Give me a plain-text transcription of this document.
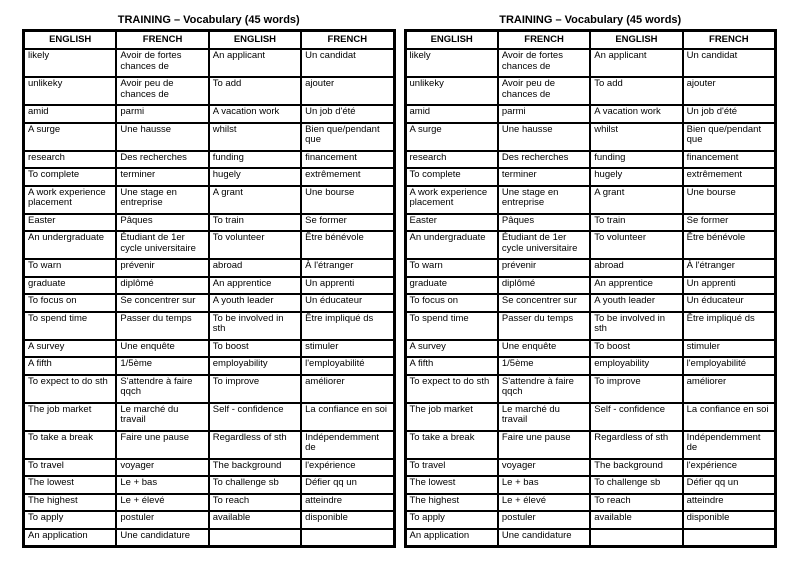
TRAINING – Vocabulary (45 words)
ENGLISH	FRENCH	ENGLISH	FRENCH
likely	Avoir de fortes chances de	An applicant	Un candidat
unlikeky	Avoir peu de chances de	To add	ajouter
amid	parmi	A vacation work	Un job d'été
A surge	Une hausse	whilst	Bien que/pendant que
research	Des recherches	funding	financement
To complete	terminer	hugely	extrêmement
A work experience placement	Une stage en entreprise	A grant	Une bourse
Easter	Pâques	To train	Se former
An undergraduate	Étudiant de 1er cycle universitaire	To volunteer	Être bénévole
To warn	prévenir	abroad	À l'étranger
graduate	diplômé	An apprentice	Un apprenti
To focus on	Se concentrer sur	A youth leader	Un éducateur
To spend time	Passer du temps	To be involved in sth	Être impliqué ds
A survey	Une enquête	To boost	stimuler
A fifth	1/5ème	employability	l'employabilité
To expect to do sth	S'attendre à faire qqch	To improve	améliorer
The job market	Le marché du travail	Self - confidence	La confiance en soi
To take a break	Faire une pause	Regardless of sth	Indépendemment de
To travel	voyager	The background	l'expérience
The lowest	Le + bas	To challenge sb	Défier qq un
The highest	Le + élevé	To reach	atteindre
To apply	postuler	available	disponible
An application	Une candidature		
TRAINING – Vocabulary (45 words)
ENGLISH	FRENCH	ENGLISH	FRENCH
likely	Avoir de fortes chances de	An applicant	Un candidat
unlikeky	Avoir peu de chances de	To add	ajouter
amid	parmi	A vacation work	Un job d'été
A surge	Une hausse	whilst	Bien que/pendant que
research	Des recherches	funding	financement
To complete	terminer	hugely	extrêmement
A work experience placement	Une stage en entreprise	A grant	Une bourse
Easter	Pâques	To train	Se former
An undergraduate	Étudiant de 1er cycle universitaire	To volunteer	Être bénévole
To warn	prévenir	abroad	À l'étranger
graduate	diplômé	An apprentice	Un apprenti
To focus on	Se concentrer sur	A youth leader	Un éducateur
To spend time	Passer du temps	To be involved in sth	Être impliqué ds
A survey	Une enquête	To boost	stimuler
A fifth	1/5ème	employability	l'employabilité
To expect to do sth	S'attendre à faire qqch	To improve	améliorer
The job market	Le marché du travail	Self - confidence	La confiance en soi
To take a break	Faire une pause	Regardless of sth	Indépendemment de
To travel	voyager	The background	l'expérience
The lowest	Le + bas	To challenge sb	Défier qq un
The highest	Le + élevé	To reach	atteindre
To apply	postuler	available	disponible
An application	Une candidature		
